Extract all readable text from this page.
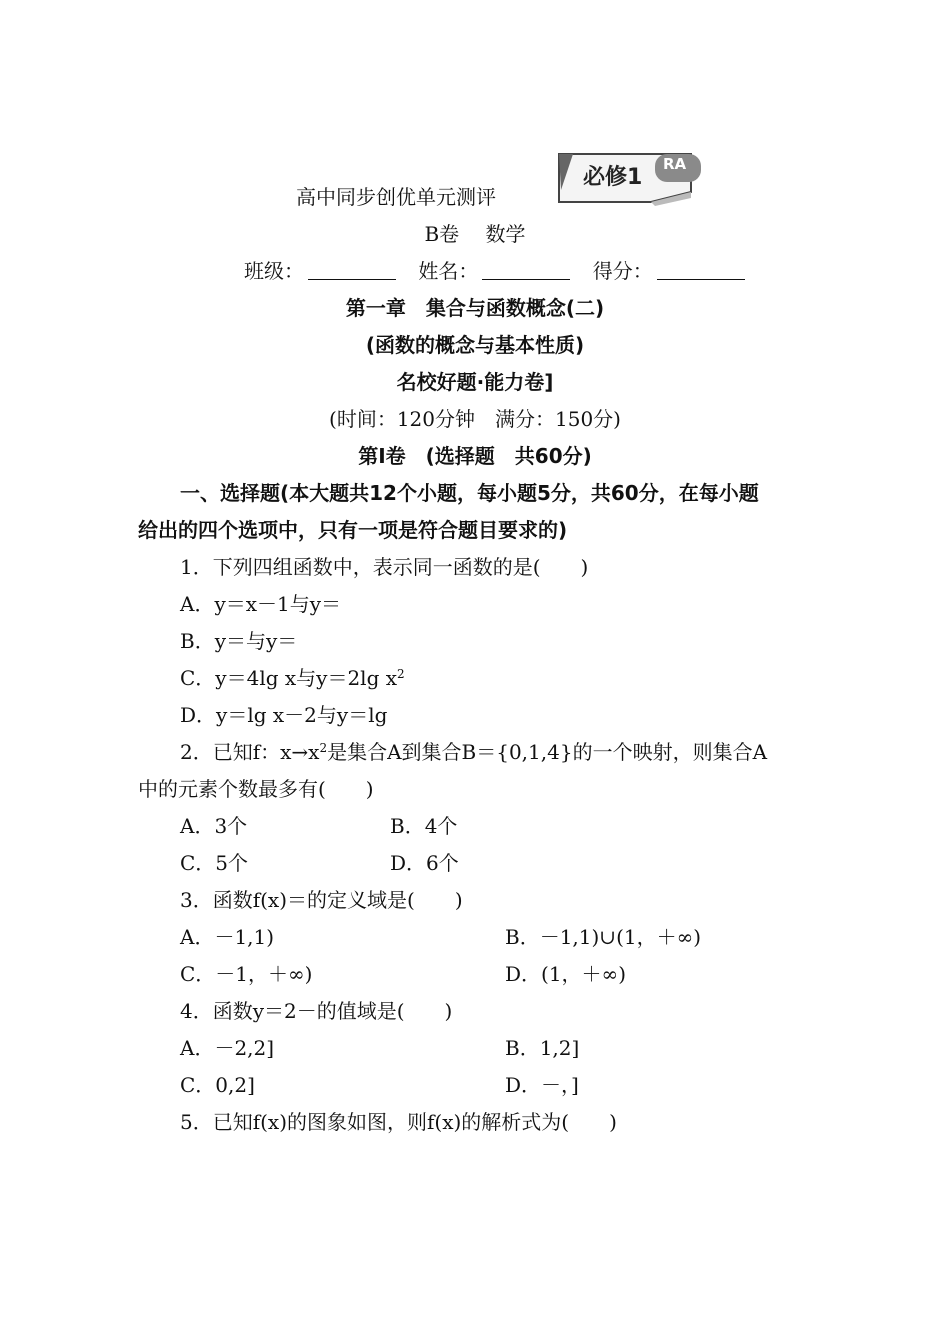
必修1
RA
高中同步创优单元测评
B卷　 数学
班级：	姓名：	得分：
第一章　集合与函数概念(二)
(函数的概念与基本性质)
名校好题·能力卷]
(时间：120分钟　满分：150分)
第Ⅰ卷　(选择题　共60分)
一、选择题(本大题共12个小题，每小题5分，共60分，在每小题
给出的四个选项中，只有一项是符合题目要求的)
1．下列四组函数中，表示同一函数的是(　　)
A．y＝x－1与y＝
B．y＝与y＝
C．y＝4lg x与y＝2lg $x^2$
D．y＝lg x－2与y＝lg
2．已知f：$x\to x^2$是集合A到集合B＝{0,1,4}的一个映射，则集合A
中的元素个数最多有(　　)
A．3个	B．4个
C．5个	D．6个
3．函数f(x)＝的定义域是(　　)
A．－1,1)	B．－1,1)∪(1，＋∞)
C．－1，＋∞)	D．(1，＋∞)
4．函数y＝2－的值域是(　　)
A．－2,2]	B．1,2]
C．0,2]	D．－，]
5．已知f(x)的图象如图，则f(x)的解析式为(　　)
